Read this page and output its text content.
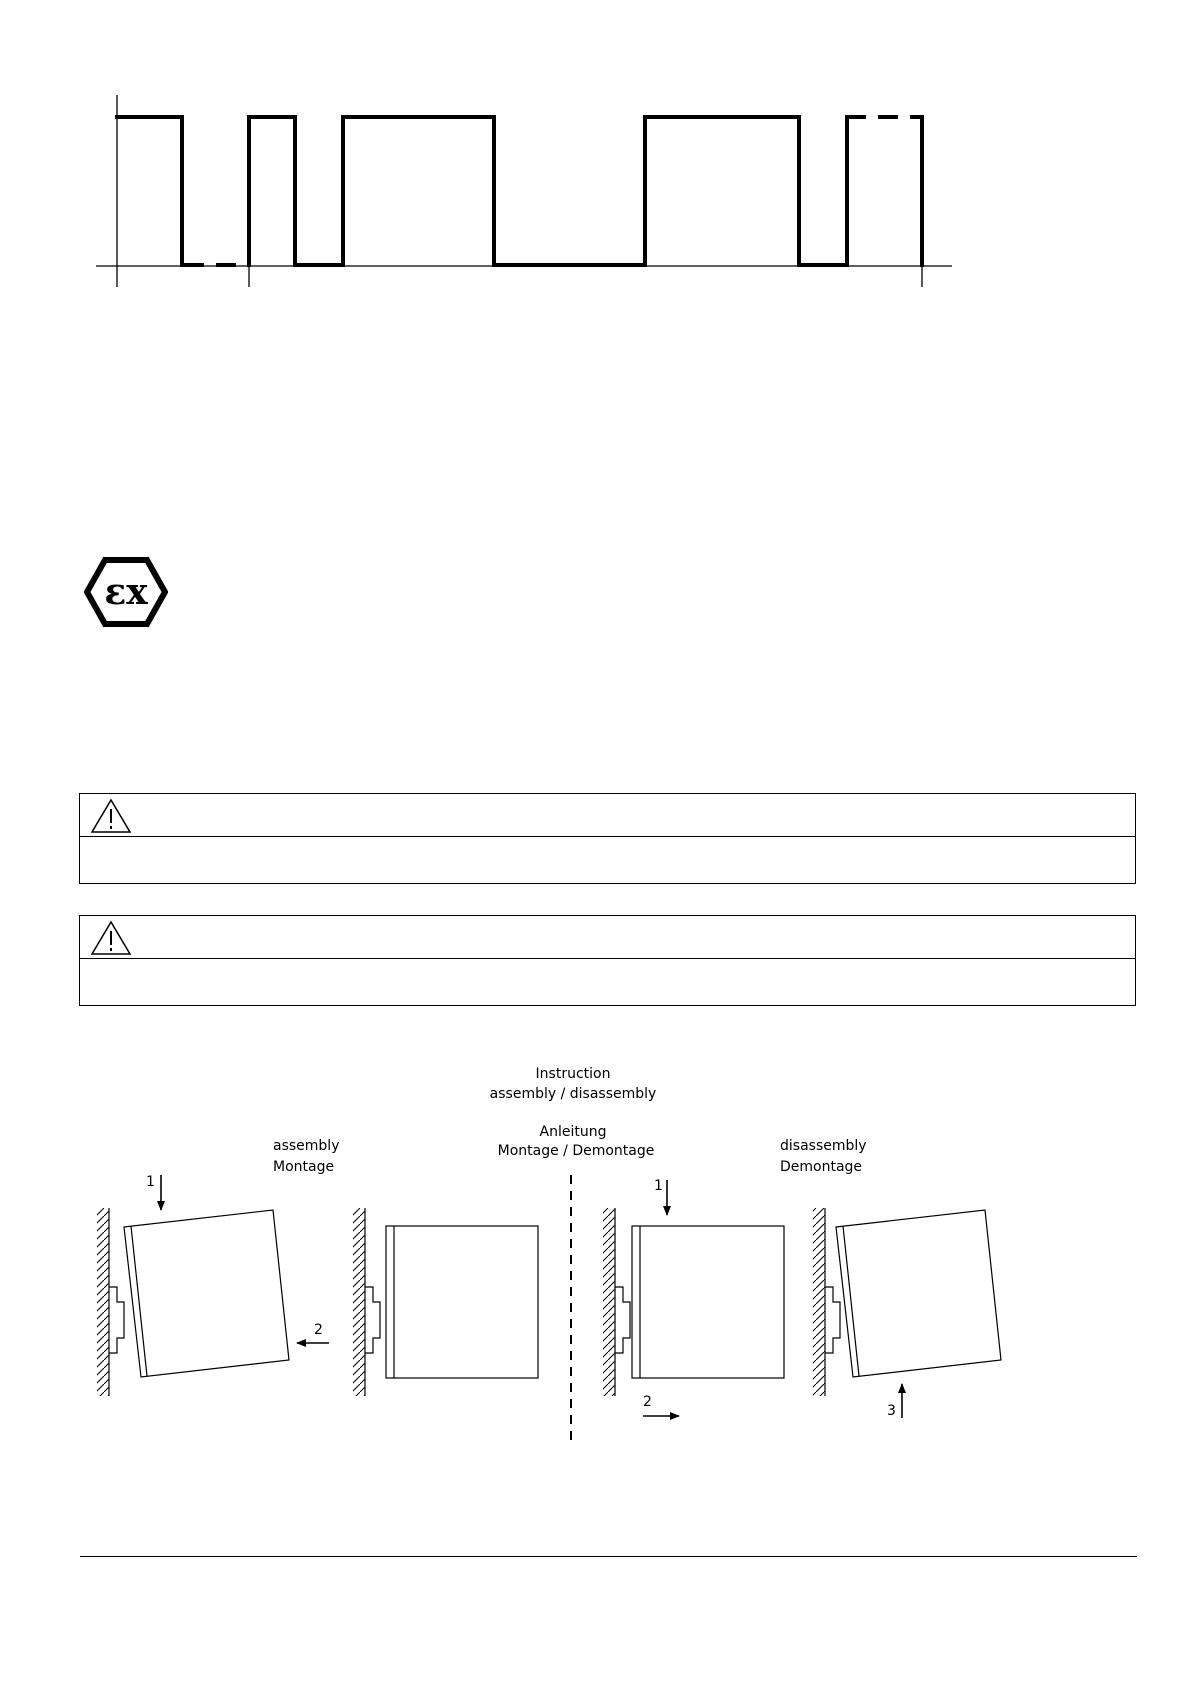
εx
Instruction
assembly / disassembly
Anleitung
Montage / Demontage
assembly
Montage
disassembly
Demontage
1
2
1
2
3
